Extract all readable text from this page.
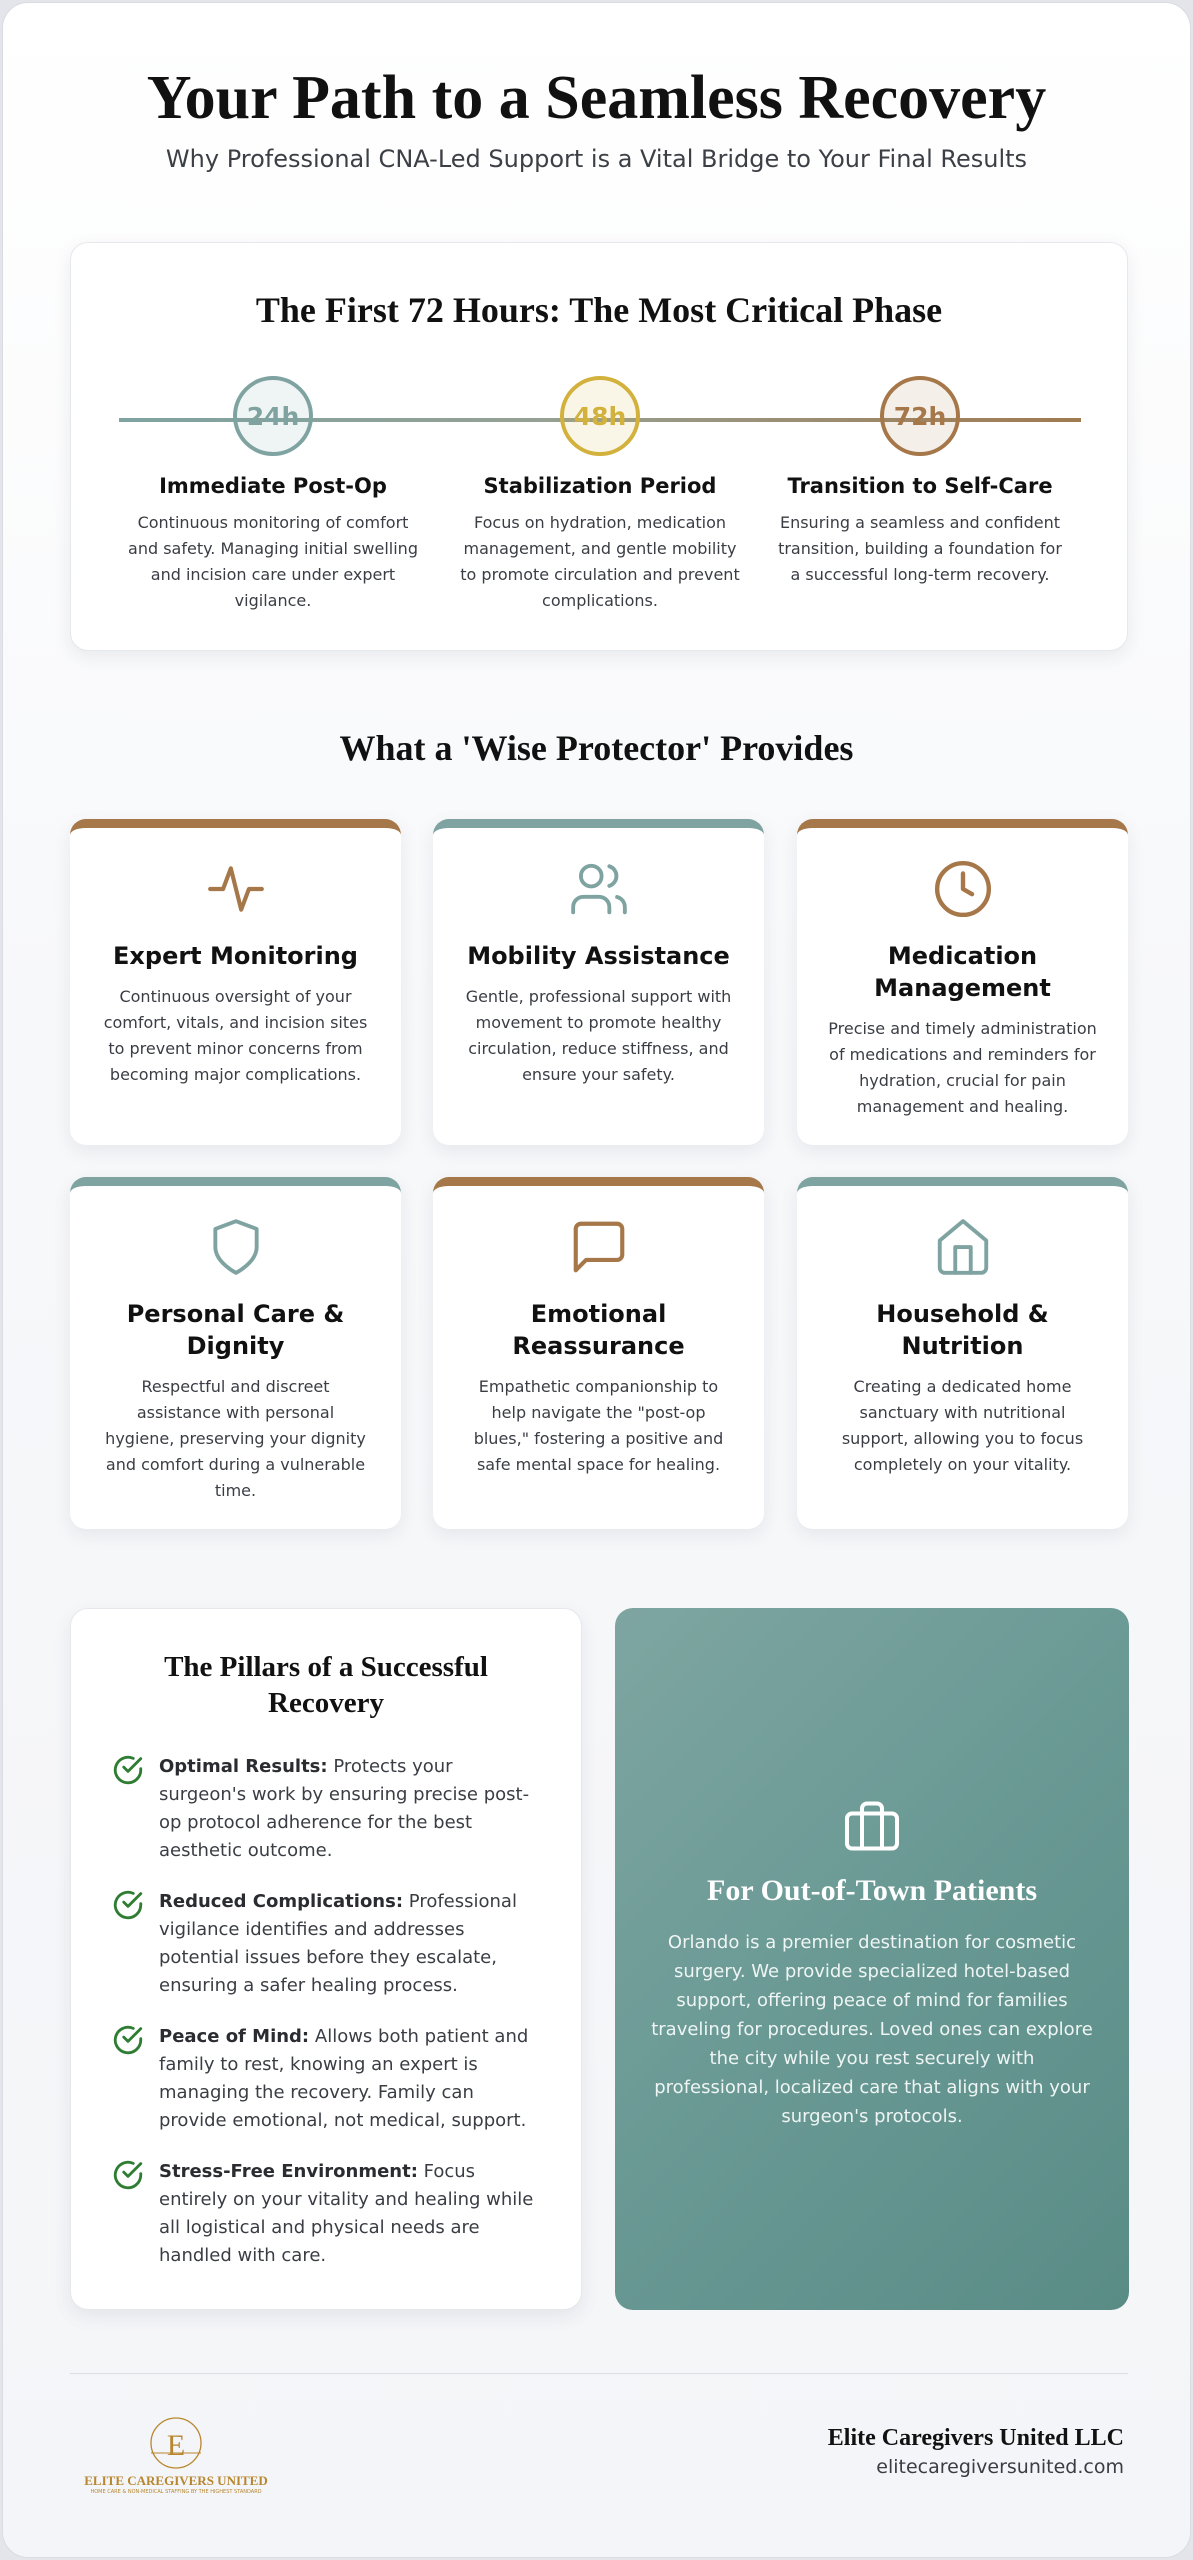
Your Path to a Seamless Recovery
Why Professional CNA-Led Support is a Vital Bridge to Your Final Results
The First 72 Hours: The Most Critical Phase
24h
Immediate Post-Op

Continuous monitoring of comfort and safety. Managing initial swelling and incision care under expert vigilance.

48h
Stabilization Period

Focus on hydration, medication management, and gentle mobility to promote circulation and prevent complications.

72h
Transition to Self-Care

Ensuring a seamless and confident transition, building a foundation for a successful long-term recovery.

What a 'Wise Protector' Provides
Expert Monitoring

Continuous oversight of your comfort, vitals, and incision sites to prevent minor concerns from becoming major complications.

Mobility Assistance

Gentle, professional support with movement to promote healthy circulation, reduce stiffness, and ensure your safety.

Medication Management

Precise and timely administration of medications and reminders for hydration, crucial for pain management and healing.

Personal Care & Dignity

Respectful and discreet assistance with personal hygiene, preserving your dignity and comfort during a vulnerable time.

Emotional Reassurance

Empathetic companionship to help navigate the "post-op blues," fostering a positive and safe mental space for healing.

Household & Nutrition

Creating a dedicated home sanctuary with nutritional support, allowing you to focus completely on your vitality.

The Pillars of a Successful Recovery

Optimal Results: Protects your surgeon's work by ensuring precise post-op protocol adherence for the best aesthetic outcome.

Reduced Complications: Professional vigilance identifies and addresses potential issues before they escalate, ensuring a safer healing process.

Peace of Mind: Allows both patient and family to rest, knowing an expert is managing the recovery. Family can provide emotional, not medical, support.

Stress-Free Environment: Focus entirely on your vitality and healing while all logistical and physical needs are handled with care.

For Out-of-Town Patients

Orlando is a premier destination for cosmetic surgery. We provide specialized hotel-based support, offering peace of mind for families traveling for procedures. Loved ones can explore the city while you rest securely with professional, localized care that aligns with your surgeon's protocols.

E
ELITE CAREGIVERS UNITED
HOME CARE & NON-MEDICAL STAFFING BY THE HIGHEST STANDARD
Elite Caregivers United LLC
elitecaregiversunited.com
